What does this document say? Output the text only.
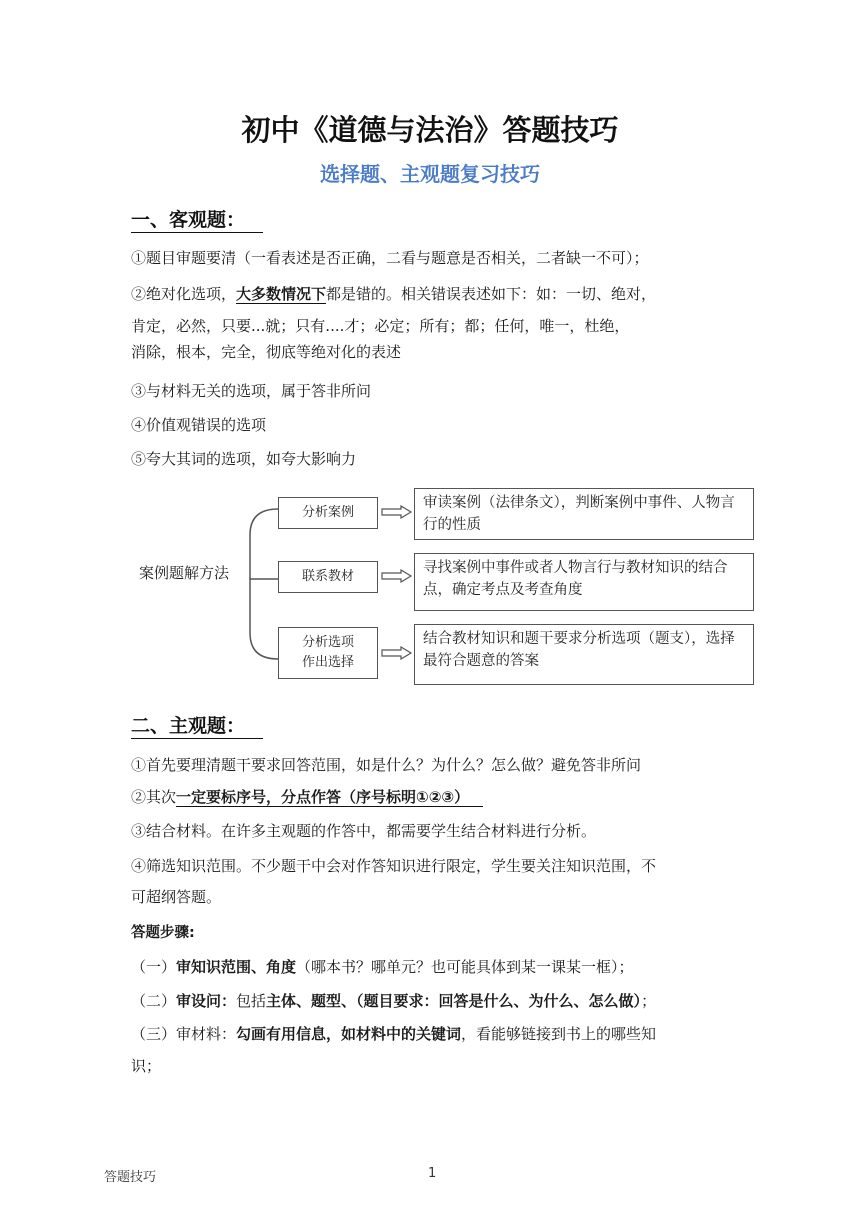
初中《道德与法治》答题技巧
选择题、主观题复习技巧
一、客观题：
①题目审题要清（一看表述是否正确，二看与题意是否相关，二者缺一不可）；
②绝对化选项，大多数情况下都是错的。相关错误表述如下：如：一切、绝对，
肯定，必然，只要...就；只有....才；必定；所有；都；任何，唯一，杜绝，
消除，根本，完全，彻底等绝对化的表述
③与材料无关的选项，属于答非所问
④价值观错误的选项
⑤夸大其词的选项，如夸大影响力
案例题解方法
分析案例
联系教材
分析选项
作出选择
审读案例（法律条文），判断案例中事件、人物言行的性质
寻找案例中事件或者人物言行与教材知识的结合点，确定考点及考查角度
结合教材知识和题干要求分析选项（题支），选择最符合题意的答案
二、主观题：
①首先要理清题干要求回答范围，如是什么？为什么？怎么做？避免答非所问
②其次一定要标序号，分点作答（序号标明①②③）
③结合材料。在许多主观题的作答中，都需要学生结合材料进行分析。
④筛选知识范围。不少题干中会对作答知识进行限定，学生要关注知识范围，不
可超纲答题。
答题步骤:
（一）审知识范围、角度（哪本书？哪单元？也可能具体到某一课某一框）；
（二）审设问：包括主体、题型、（题目要求：回答是什么、为什么、怎么做）；
（三）审材料：勾画有用信息，如材料中的关键词，看能够链接到书上的哪些知
识；
答题技巧	1
